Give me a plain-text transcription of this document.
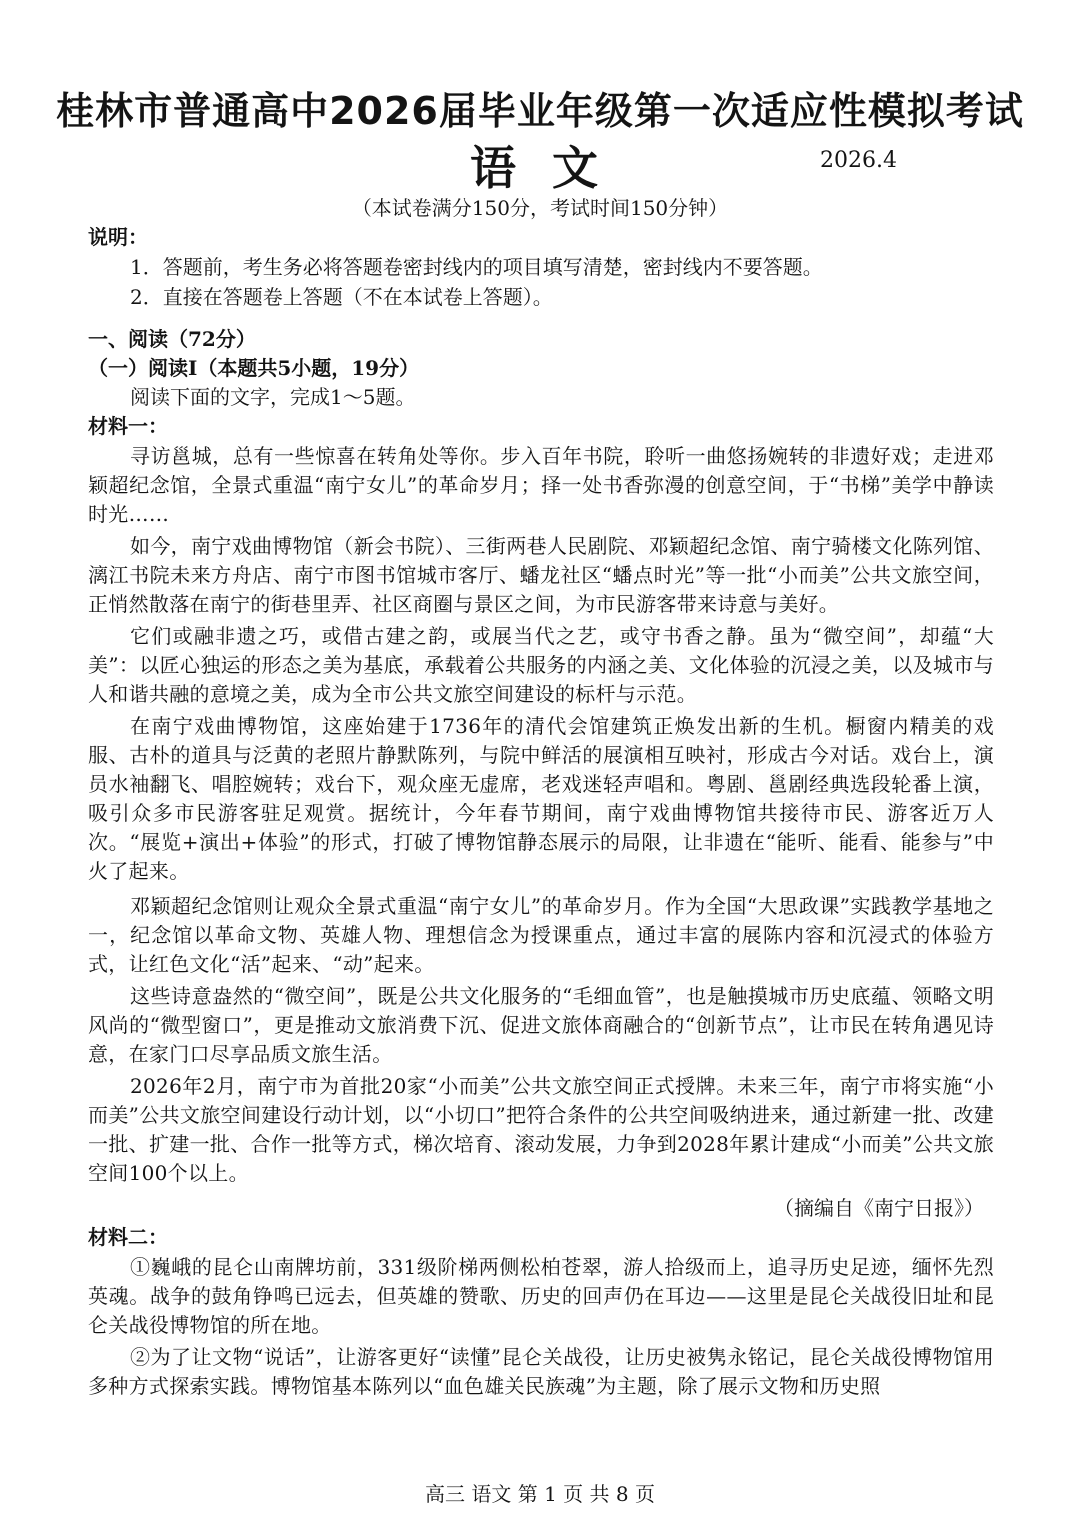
桂林市普通高中2026届毕业年级第一次适应性模拟考试
语文	2026.4
（本试卷满分150分，考试时间150分钟）
说明：
1．答题前，考生务必将答题卷密封线内的项目填写清楚，密封线内不要答题。
2．直接在答题卷上答题（不在本试卷上答题）。
一、阅读（72分）
（一）阅读Ⅰ（本题共5小题，19分）
阅读下面的文字，完成1～5题。
材料一：
寻访邕城，总有一些惊喜在转角处等你。步入百年书院，聆听一曲悠扬婉转的非遗好戏；走进邓颖超纪念馆，全景式重温“南宁女儿”的革命岁月；择一处书香弥漫的创意空间，于“书梯”美学中静读时光……
如今，南宁戏曲博物馆（新会书院）、三街两巷人民剧院、邓颖超纪念馆、南宁骑楼文化陈列馆、漓江书院未来方舟店、南宁市图书馆城市客厅、蟠龙社区“蟠点时光”等一批“小而美”公共文旅空间，正悄然散落在南宁的街巷里弄、社区商圈与景区之间，为市民游客带来诗意与美好。
它们或融非遗之巧，或借古建之韵，或展当代之艺，或守书香之静。虽为“微空间”，却蕴“大美”：以匠心独运的形态之美为基底，承载着公共服务的内涵之美、文化体验的沉浸之美，以及城市与人和谐共融的意境之美，成为全市公共文旅空间建设的标杆与示范。
在南宁戏曲博物馆，这座始建于1736年的清代会馆建筑正焕发出新的生机。橱窗内精美的戏服、古朴的道具与泛黄的老照片静默陈列，与院中鲜活的展演相互映衬，形成古今对话。戏台上，演员水袖翻飞、唱腔婉转；戏台下，观众座无虚席，老戏迷轻声唱和。粤剧、邕剧经典选段轮番上演，吸引众多市民游客驻足观赏。据统计，今年春节期间，南宁戏曲博物馆共接待市民、游客近万人次。“展览+演出+体验”的形式，打破了博物馆静态展示的局限，让非遗在“能听、能看、能参与”中火了起来。
邓颖超纪念馆则让观众全景式重温“南宁女儿”的革命岁月。作为全国“大思政课”实践教学基地之一，纪念馆以革命文物、英雄人物、理想信念为授课重点，通过丰富的展陈内容和沉浸式的体验方式，让红色文化“活”起来、“动”起来。
这些诗意盎然的“微空间”，既是公共文化服务的“毛细血管”，也是触摸城市历史底蕴、领略文明风尚的“微型窗口”，更是推动文旅消费下沉、促进文旅体商融合的“创新节点”，让市民在转角遇见诗意，在家门口尽享品质文旅生活。
2026年2月，南宁市为首批20家“小而美”公共文旅空间正式授牌。未来三年，南宁市将实施“小而美”公共文旅空间建设行动计划，以“小切口”把符合条件的公共空间吸纳进来，通过新建一批、改建一批、扩建一批、合作一批等方式，梯次培育、滚动发展，力争到2028年累计建成“小而美”公共文旅空间100个以上。
（摘编自《南宁日报》）
材料二：
①巍峨的昆仑山南牌坊前，331级阶梯两侧松柏苍翠，游人拾级而上，追寻历史足迹，缅怀先烈英魂。战争的鼓角铮鸣已远去，但英雄的赞歌、历史的回声仍在耳边——这里是昆仑关战役旧址和昆仑关战役博物馆的所在地。
②为了让文物“说话”，让游客更好“读懂”昆仑关战役，让历史被隽永铭记，昆仑关战役博物馆用多种方式探索实践。博物馆基本陈列以“血色雄关民族魂”为主题，除了展示文物和历史照
高三 语文 第 1 页 共 8 页
